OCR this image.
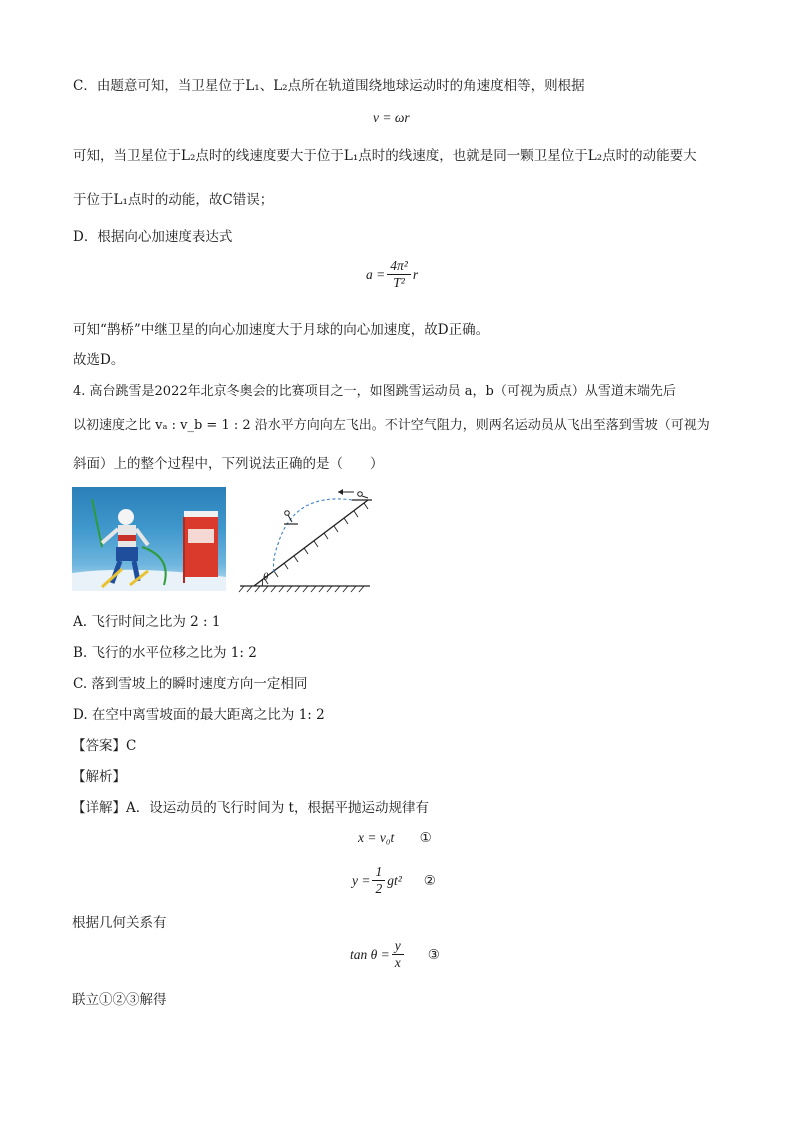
C．由题意可知，当卫星位于L₁、L₂点所在轨道围绕地球运动时的角速度相等，则根据
v = ωr
可知，当卫星位于L₂点时的线速度要大于位于L₁点时的线速度，也就是同一颗卫星位于L₂点时的动能要大
于位于L₁点时的动能，故C错误；
D．根据向心加速度表达式
$a = \frac{\text{4π²}}{\text{T²}}$ r
可知“鹊桥”中继卫星的向心加速度大于月球的向心加速度，故D正确。
故选D。
4. 高台跳雪是2022年北京冬奥会的比赛项目之一，如图跳雪运动员 a，b（可视为质点）从雪道末端先后
以初速度之比 vₐ : v_b = 1 : 2 沿水平方向向左飞出。不计空气阻力，则两名运动员从飞出至落到雪坡（可视为
斜面）上的整个过程中，下列说法正确的是（　　）
θ
A. 飞行时间之比为 2 : 1
B. 飞行的水平位移之比为 1: 2
C. 落到雪坡上的瞬时速度方向一定相同
D. 在空中离雪坡面的最大距离之比为 1: 2
【答案】C
【解析】
【详解】A．设运动员的飞行时间为 t，根据平抛运动规律有
x = v₀t ①
$y = \frac{1}{2} gt^2$ ②
根据几何关系有
$\tan \theta = \frac{y}{x}$ ③
联立①②③解得
